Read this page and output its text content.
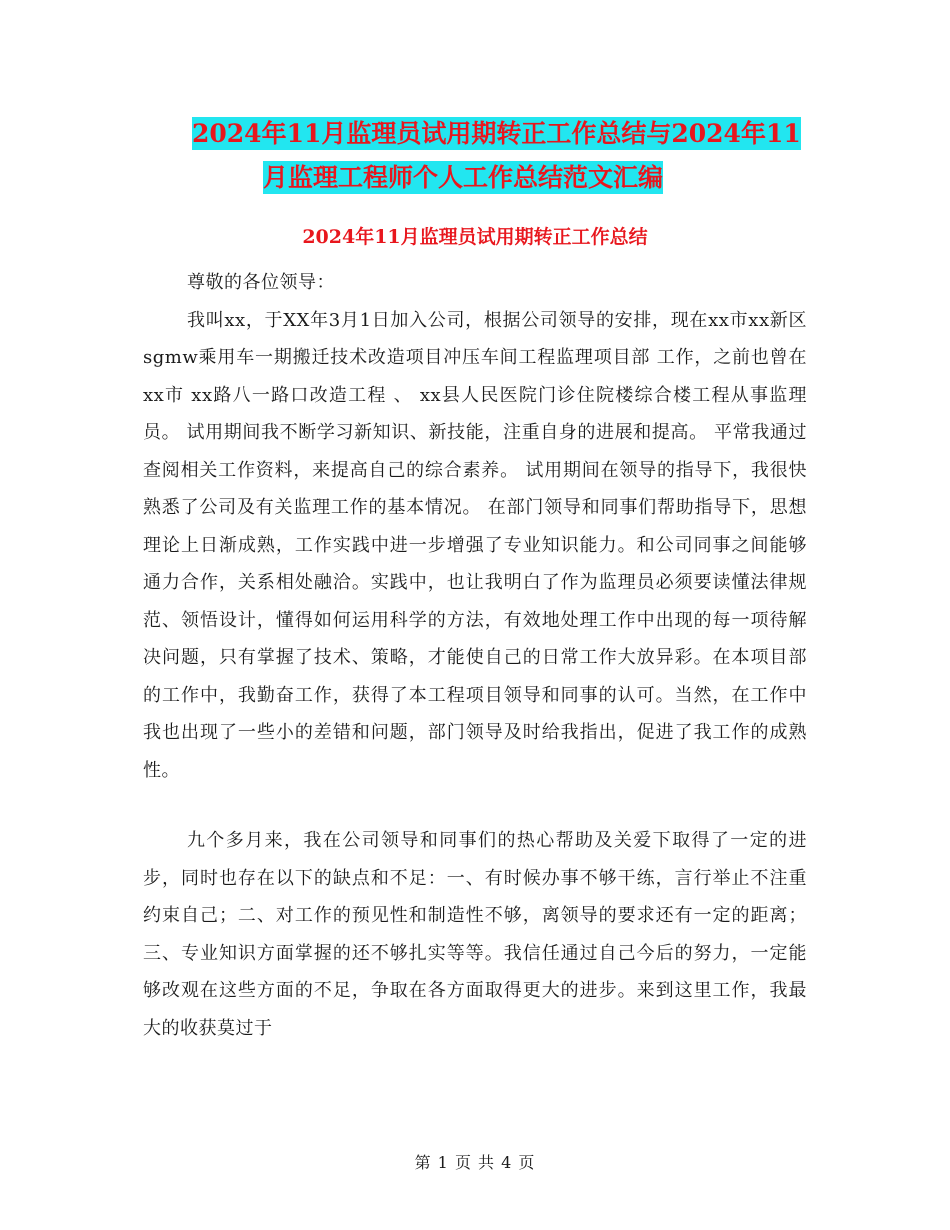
2024年11月监理员试用期转正工作总结与2024年11
月监理工程师个人工作总结范文汇编
2024年11月监理员试用期转正工作总结

尊敬的各位领导：

我叫xx，于XX年3月1日加入公司，根据公司领导的安排，现在xx市xx新区sgmw乘用车一期搬迁技术改造项目冲压车间工程监理项目部 工作，之前也曾在xx市 xx路八一路口改造工程 、 xx县人民医院门诊住院楼综合楼工程从事监理员。 试用期间我不断学习新知识、新技能，注重自身的进展和提高。 平常我通过查阅相关工作资料，来提高自己的综合素养。 试用期间在领导的指导下，我很快熟悉了公司及有关监理工作的基本情况。 在部门领导和同事们帮助指导下，思想理论上日渐成熟，工作实践中进一步增强了专业知识能力。和公司同事之间能够通力合作，关系相处融洽。实践中，也让我明白了作为监理员必须要读懂法律规范、领悟设计，懂得如何运用科学的方法，有效地处理工作中出现的每一项待解决问题，只有掌握了技术、策略，才能使自己的日常工作大放异彩。在本项目部的工作中，我勤奋工作，获得了本工程项目领导和同事的认可。当然，在工作中我也出现了一些小的差错和问题，部门领导及时给我指出，促进了我工作的成熟性。

九个多月来，我在公司领导和同事们的热心帮助及关爱下取得了一定的进步，同时也存在以下的缺点和不足：一、有时候办事不够干练，言行举止不注重约束自己；二、对工作的预见性和制造性不够，离领导的要求还有一定的距离；三、专业知识方面掌握的还不够扎实等等。我信任通过自己今后的努力，一定能够改观在这些方面的不足，争取在各方面取得更大的进步。来到这里工作，我最大的收获莫过于

第 1 页 共 4 页
